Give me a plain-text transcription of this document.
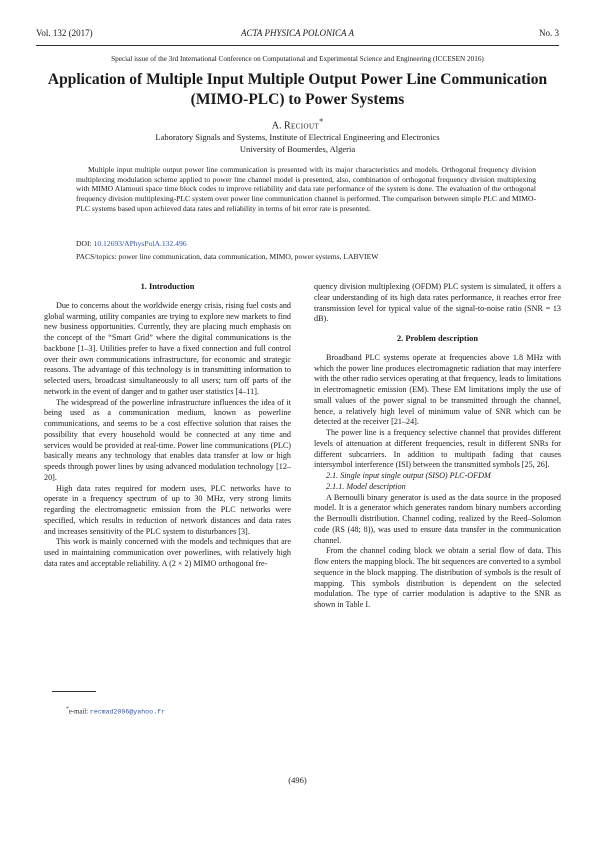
Vol. 132 (2017)	ACTA PHYSICA POLONICA A	No. 3
Special issue of the 3rd International Conference on Computational and Experimental Science and Engineering (ICCESEN 2016)
Application of Multiple Input Multiple Output Power Line Communication (MIMO-PLC) to Power Systems
A. Reciout*
Laboratory Signals and Systems, Institute of Electrical Engineering and Electronics
University of Boumerdes, Algeria

Multiple input multiple output power line communication is presented with its major characteristics and models. Orthogonal frequency division multiplexing modulation scheme applied to power line channel model is presented, also, combination of orthogonal frequency division multiplexing with MIMO Alamouti space time block codes to improve reliability and data rate performance of the system is done. The evaluation of the orthogonal frequency division multiplexing-PLC system over power line communication channel is performed. The comparison between simple PLC and MIMO-PLC systems based upon achieved data rates and reliability in terms of bit error rate is presented.

DOI: 10.12693/APhysPolA.132.496
PACS/topics: power line communication, data communication, MIMO, power systems, LABVIEW
1. Introduction

Due to concerns about the worldwide energy crisis, rising fuel costs and global warming, utility companies are trying to explore new markets to find new business opportunities. Currently, they are placing much emphasis on the concept of the “Smart Grid” where the digital communications is the backbone [1–3]. Utilities prefer to have a fixed connection and full control over their own communications infrastructure, for economic and strategic reasons. The advantage of this technology is in transmitting information to selected users, broadcast simultaneously to all users; turn off parts of the network in the event of danger and to gather user statistics [4–11].

The widespread of the powerline infrastructure influences the idea of it being used as a communication medium, known as powerline communications, and seems to be a cost effective solution that raises the possibility that every household would be connected at any time and services would be provided at real-time. Power line communications (PLC) basically means any technology that enables data transfer at low or high speeds through power lines by using advanced modulation technology [12–20].

High data rates required for modern uses, PLC networks have to operate in a frequency spectrum of up to 30 MHz, very strong limits regarding the electromagnetic emission from the PLC networks were specified, which results in reduction of network distances and data rates and increases sensitivity of the PLC system to disturbances [3].

This work is mainly concerned with the models and techniques that are used in maintaining communication over powerlines, with relatively high data rates and acceptable reliability. A (2 × 2) MIMO orthogonal fre-

quency division multiplexing (OFDM) PLC system is simulated, it offers a clear understanding of its high data rates performance, it reaches error free transmission level for typical value of the signal-to-noise ratio (SNR = 13 dB).

2. Problem description

Broadband PLC systems operate at frequencies above 1.8 MHz with which the power line produces electromagnetic radiation that may interfere with the other radio services operating at that frequency, leads to limitations in electromagnetic emission (EM). These EM limitations imply the use of small values of the power signal to be transmitted through the channel, hence, a relatively high level of minimum value of SNR which can be detected at the receiver [21–24].

The power line is a frequency selective channel that provides different levels of attenuation at different frequencies, result in different SNRs for different subcarriers. In addition to multipath fading that causes intersymbol interference (ISI) between the transmitted symbols [25, 26].

2.1. Single input single output (SISO) PLC-OFDM

2.1.1. Model description

A Bernoulli binary generator is used as the data source in the proposed model. It is a generator which generates random binary numbers according the Bernoulli distribution. Channel coding, realized by the Reed–Solomon code (RS (48; 8)), was used to ensure data transfer in the communication channel.

From the channel coding block we obtain a serial flow of data. This flow enters the mapping block. The bit sequences are converted to a symbol sequence in the block mapping. The distribution of symbols is the result of mapping. This symbols distribution is dependent on the selected modulation. The type of carrier modulation is adaptive to the SNR as shown in Table I.

*e-mail: recmad2006@yahoo.fr
(496)
